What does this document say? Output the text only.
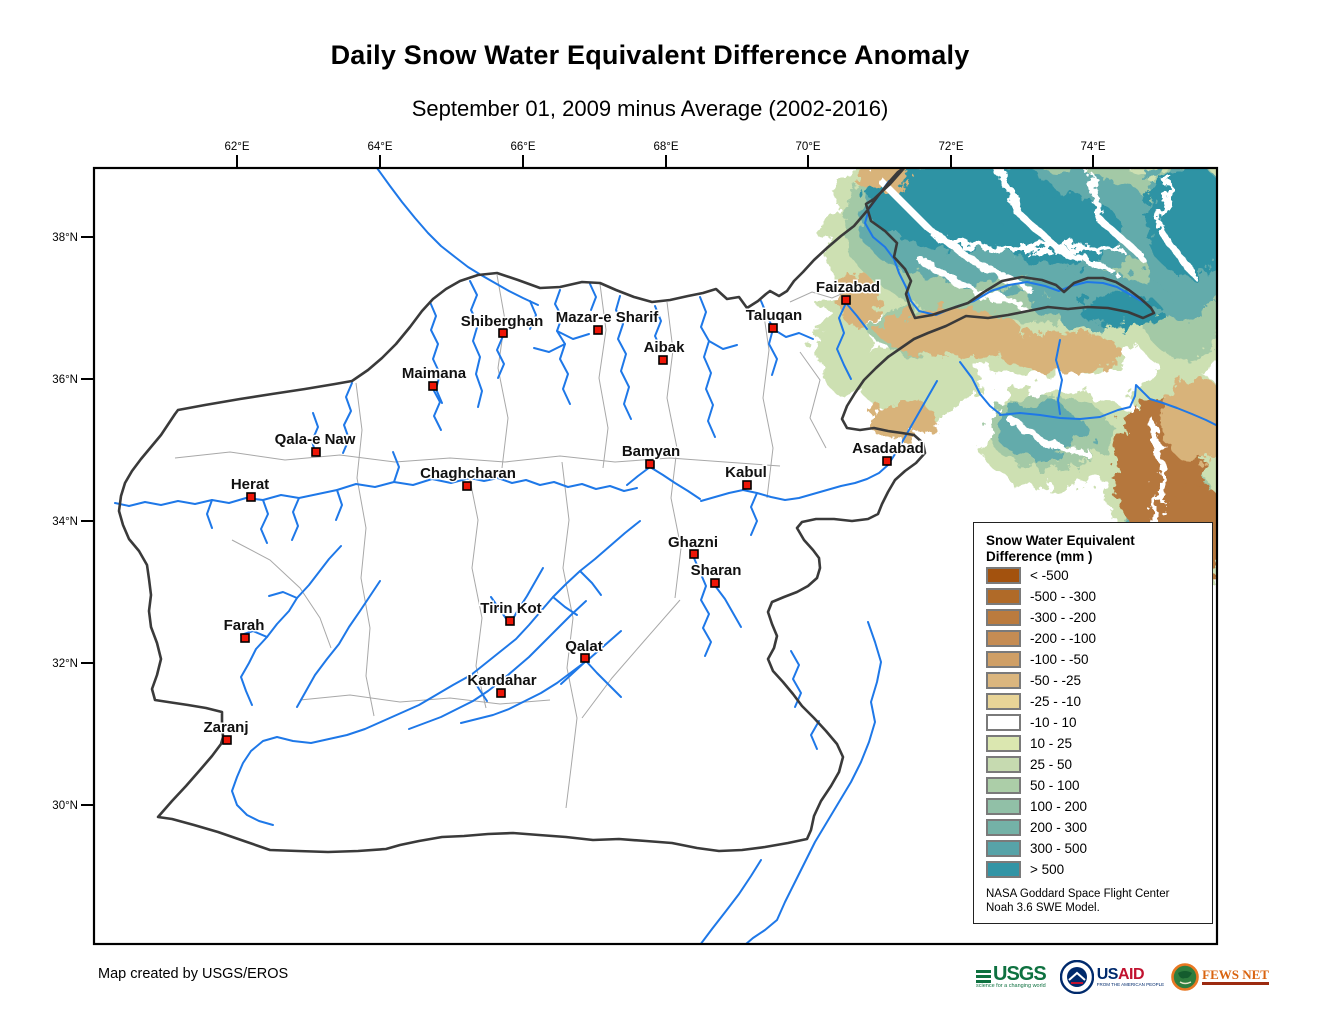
Daily Snow Water Equivalent Difference Anomaly
September 01, 2009 minus Average (2002-2016)
62°E	64°E	66°E	68°E	70°E	72°E	74°E
38°N
36°N
34°N
32°N
30°N
Faizabad
Taluqan
Mazar-e Sharif
Shiberghan
Aibak
Maimana
Qala-e Naw
Asadabad
Bamyan
Kabul
Chaghcharan
Herat
Ghazni
Sharan
Tirin Kot
Farah
Qalat
Kandahar
Zaranj
Snow Water Equivalent
Difference (mm )
< -500
-500 - -300
-300 - -200
-200 - -100
-100 - -50
-50 - -25
-25 - -10
-10 - 10
10 - 25
25 - 50
50 - 100
100 - 200
200 - 300
300 - 500
> 500
NASA Goddard Space Flight Center
Noah 3.6 SWE Model.
Map created by USGS/EROS	USGS
science for a changing world
USAID
FROM THE AMERICAN PEOPLE
FEWS NET
